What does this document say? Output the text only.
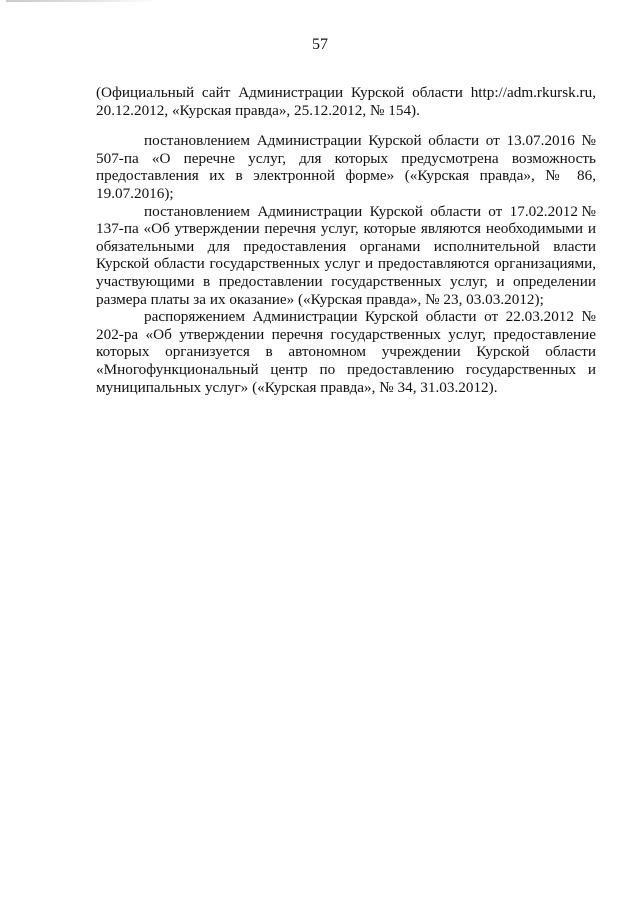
57

(Официальный сайт Администрации Курской области http://adm.rkursk.ru, 20.12.2012, «Курская правда», 25.12.2012, № 154).

постановлением Администрации Курской области от 13.07.2016 № 507-па «О перечне услуг, для которых предусмотрена возможность предоставления их в электронной форме» («Курская правда», № 86, 19.07.2016);

постановлением Администрации Курской области от 17.02.2012№ 137-па «Об утверждении перечня услуг, которые являются необходимыми и обязательными для предоставления органами исполнительной власти Курской области государственных услуг и предоставляются организациями, участвующими в предоставлении государственных услуг, и определении размера платы за их оказание» («Курская правда», № 23, 03.03.2012);

распоряжением Администрации Курской области от 22.03.2012 № 202-ра «Об утверждении перечня государственных услуг, предоставление которых организуется в автономном учреждении Курской области «Многофункциональный центр по предоставлению государственных и муниципальных услуг» («Курская правда», № 34, 31.03.2012).
